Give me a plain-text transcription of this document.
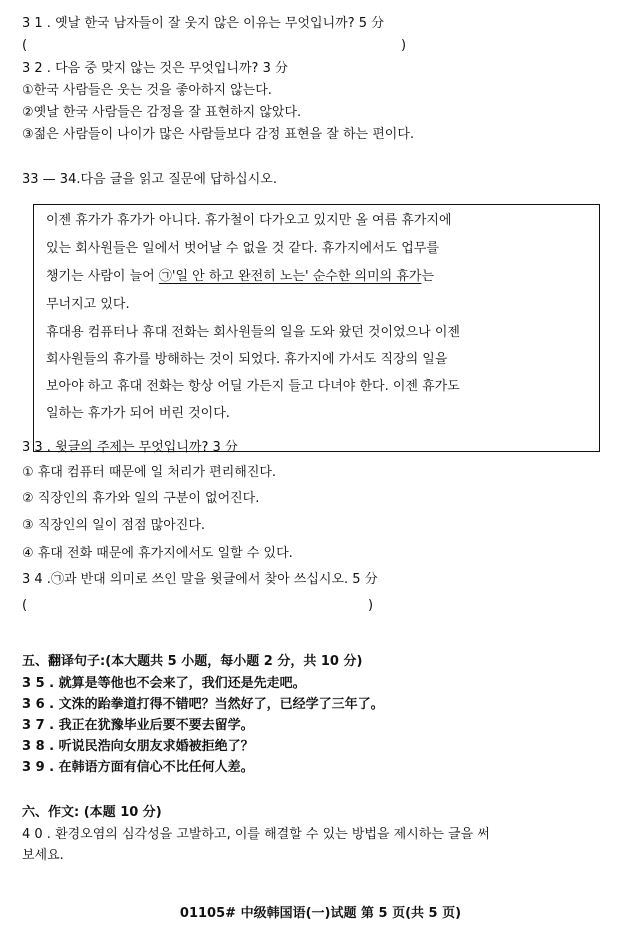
3 1 . 옛날 한국 남자들이 잘 웃지 않은 이유는 무엇입니까? 5 分
(	)
3 2 . 다음 중 맞지 않는 것은 무엇입니까? 3 分
①한국 사람들은 웃는 것을 좋아하지 않는다.
②옛날 한국 사람들은 감정을 잘 표현하지 않았다.
③젊은 사람들이 나이가 많은 사람들보다 감정 표현을 잘 하는 편이다.
33 — 34.다음 글을 읽고 질문에 답하십시오.
이젠 휴가가 휴가가 아니다. 휴가철이 다가오고 있지만 올 여름 휴가지에
있는 회사원들은 일에서 벗어날 수 없을 것 같다. 휴가지에서도 업무를
챙기는 사람이 늘어 ㉠'일 안 하고 완전히 노는' 순수한 의미의 휴가는
무너지고 있다.
휴대용 컴퓨터나 휴대 전화는 회사원들의 일을 도와 왔던 것이었으나 이젠
회사원들의 휴가를 방해하는 것이 되었다. 휴가지에 가서도 직장의 일을
보아야 하고 휴대 전화는 항상 어딜 가든지 들고 다녀야 한다. 이젠 휴가도
일하는 휴가가 되어 버린 것이다.
3 3 . 윗글의 주제는 무엇입니까? 3 分
① 휴대 컴퓨터 때문에 일 처리가 편리해진다.
② 직장인의 휴가와 일의 구분이 없어진다.
③ 직장인의 일이 점점 많아진다.
④ 휴대 전화 때문에 휴가지에서도 일할 수 있다.
3 4 .㉠과 반대 의미로 쓰인 말을 윗글에서 찾아 쓰십시오. 5 分
(	)
五、翻译句子:(本大题共 5 小题，每小题 2 分，共 10 分)
3 5 . 就算是等他也不会来了，我们还是先走吧。
3 6 . 文洙的跆拳道打得不错吧？当然好了，已经学了三年了。
3 7 . 我正在犹豫毕业后要不要去留学。
3 8 . 听说民浩向女朋友求婚被拒绝了？
3 9 . 在韩语方面有信心不比任何人差。
六、作文: (本题 10 分)
4 0 . 환경오염의 심각성을 고발하고, 이를 해결할 수 있는 방법을 제시하는 글을 써
보세요.
01105# 中级韩国语(一)试题 第 5 页(共 5 页)
